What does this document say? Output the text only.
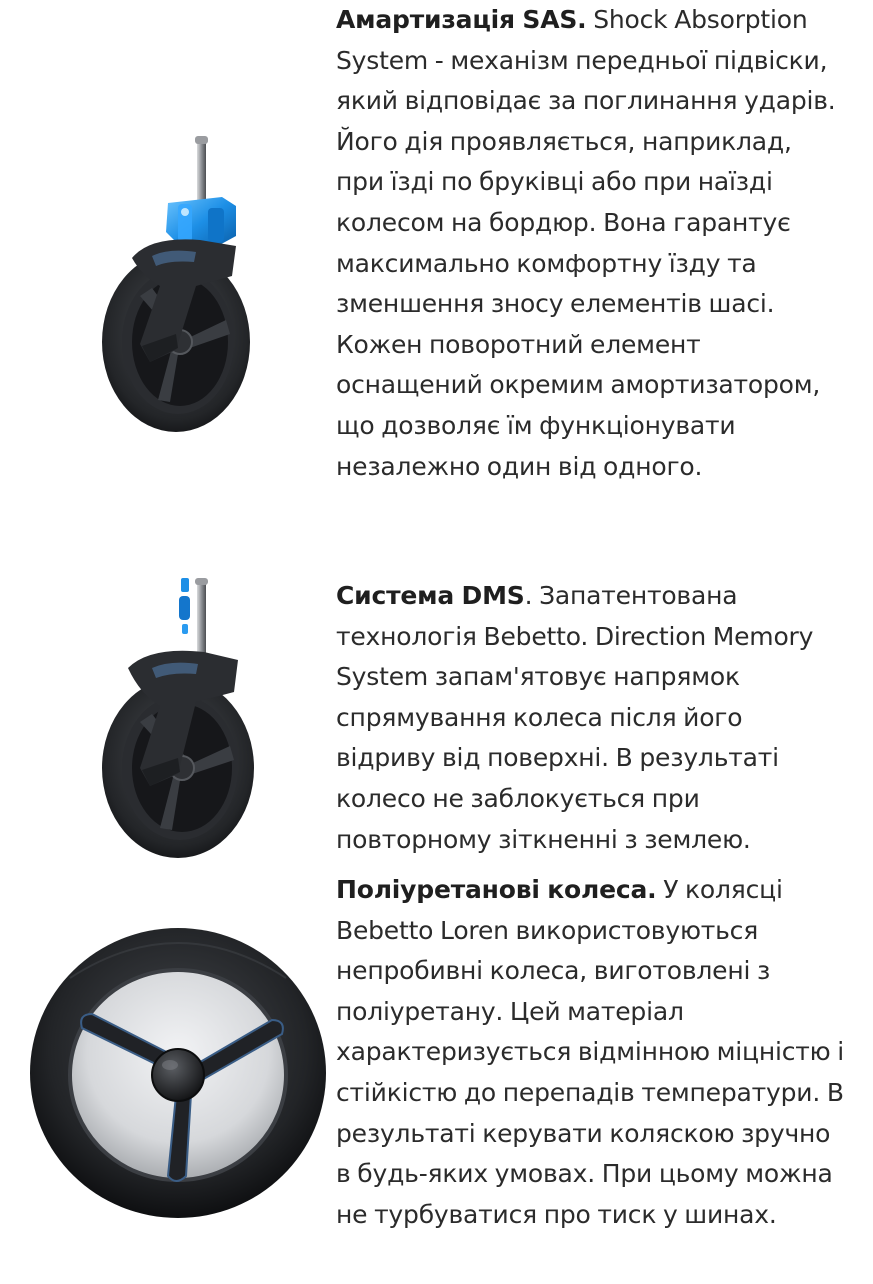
Амартизація SAS. Shock Absorption System - механізм передньої підвіски, який відповідає за поглинання ударів. Його дія проявляється, наприклад, при їзді по бруківці або при наїзді колесом на бордюр. Вона гарантує максимально комфортну їзду та зменшення зносу елементів шасі. Кожен поворотний елемент оснащений окремим амортизатором, що дозволяє їм функціонувати незалежно один від одного.

Система DMS. Запатентована технологія Bebetto. Direction Memory System запам'ятовує напрямок спрямування колеса після його відриву від поверхні. В результаті колесо не заблокується при повторному зіткненні з землею.

Поліуретанові колеса. У колясці Bebetto Loren використовуються непробивні колеса, виготовлені з поліуретану. Цей матеріал характеризується відмінною міцністю і стійкістю до перепадів температури. В результаті керувати коляскою зручно в будь-яких умовах. При цьому можна не турбуватися про тиск у шинах.
